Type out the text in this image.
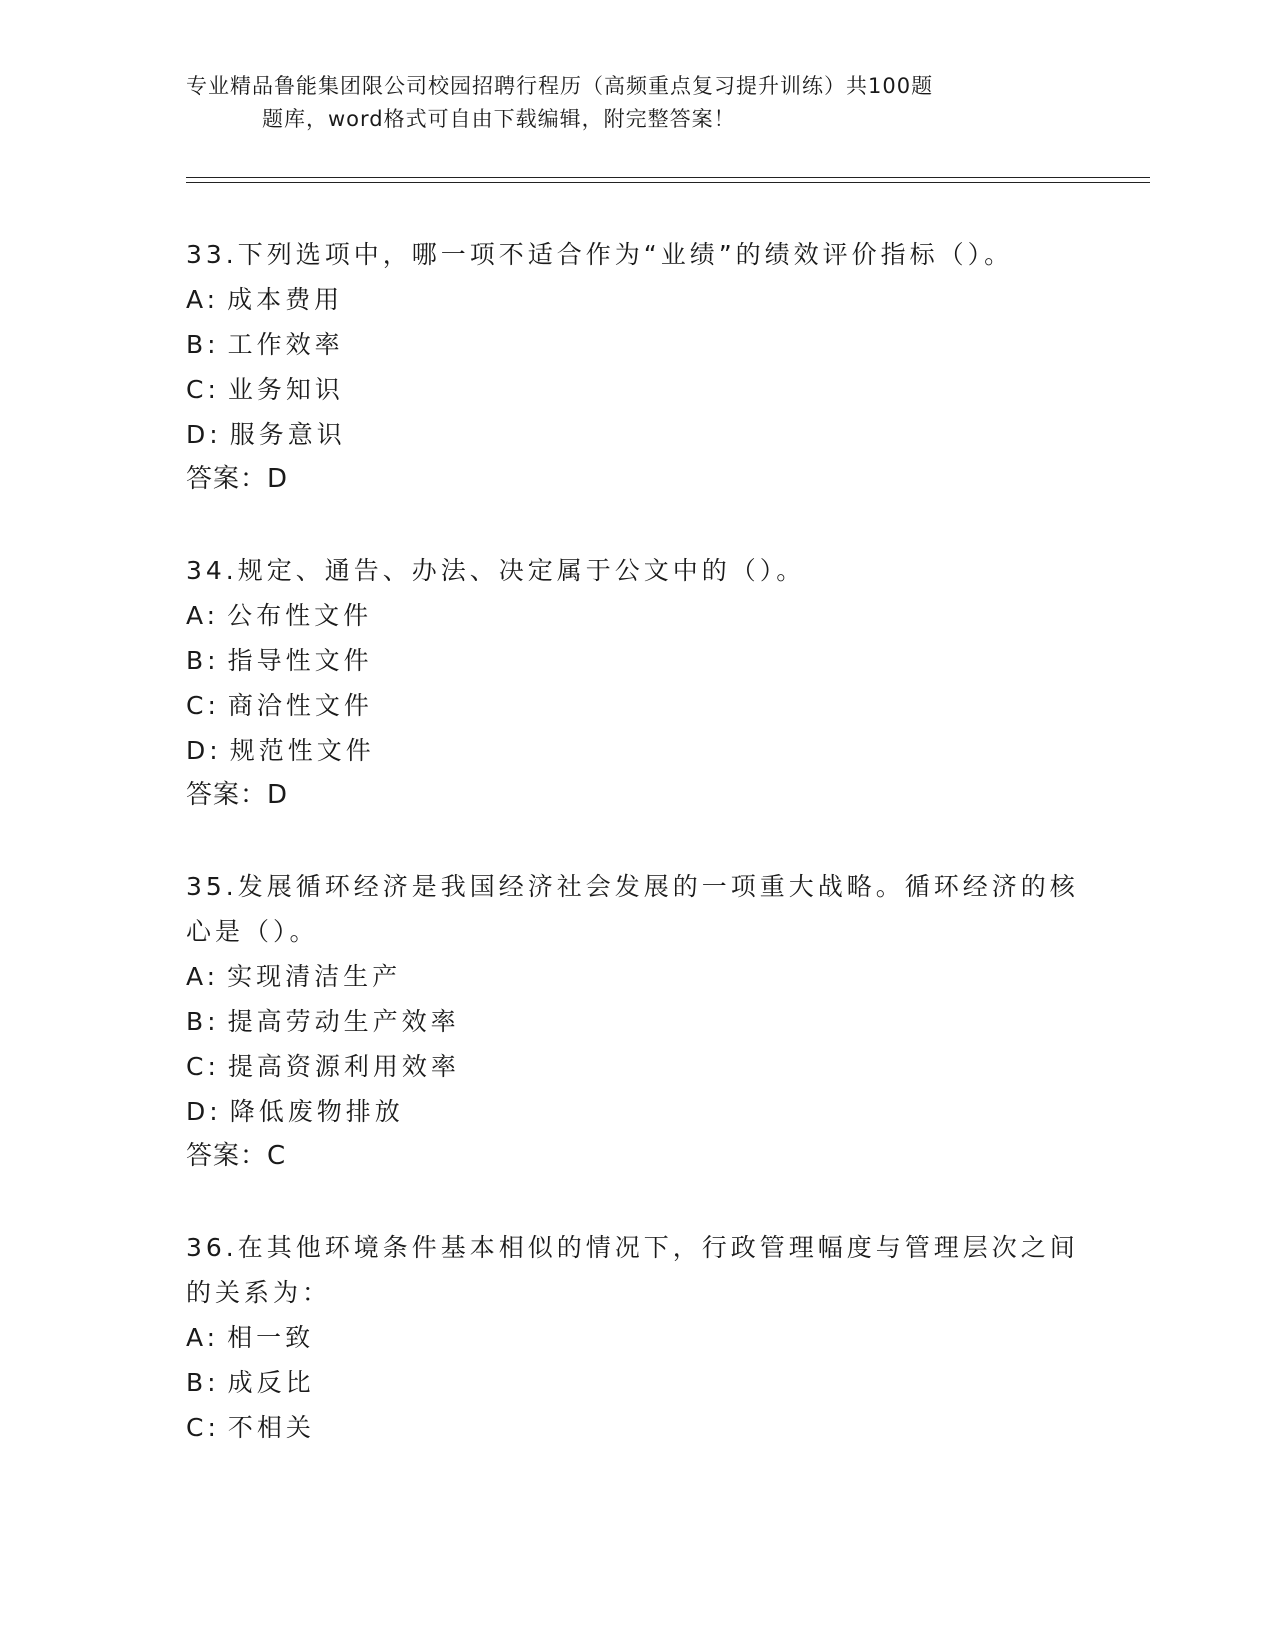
专业精品鲁能集团限公司校园招聘行程历（高频重点复习提升训练）共100题
题库，word格式可自由下载编辑，附完整答案！
33.下列选项中，哪一项不适合作为“业绩”的绩效评价指标（）。
A: 成本费用
B: 工作效率
C: 业务知识
D: 服务意识
答案：D
34.规定、通告、办法、决定属于公文中的（）。
A: 公布性文件
B: 指导性文件
C: 商洽性文件
D: 规范性文件
答案：D
35.发展循环经济是我国经济社会发展的一项重大战略。循环经济的核
心是（）。
A: 实现清洁生产
B: 提高劳动生产效率
C: 提高资源利用效率
D: 降低废物排放
答案：C
36.在其他环境条件基本相似的情况下，行政管理幅度与管理层次之间
的关系为：
A: 相一致
B: 成反比
C: 不相关
